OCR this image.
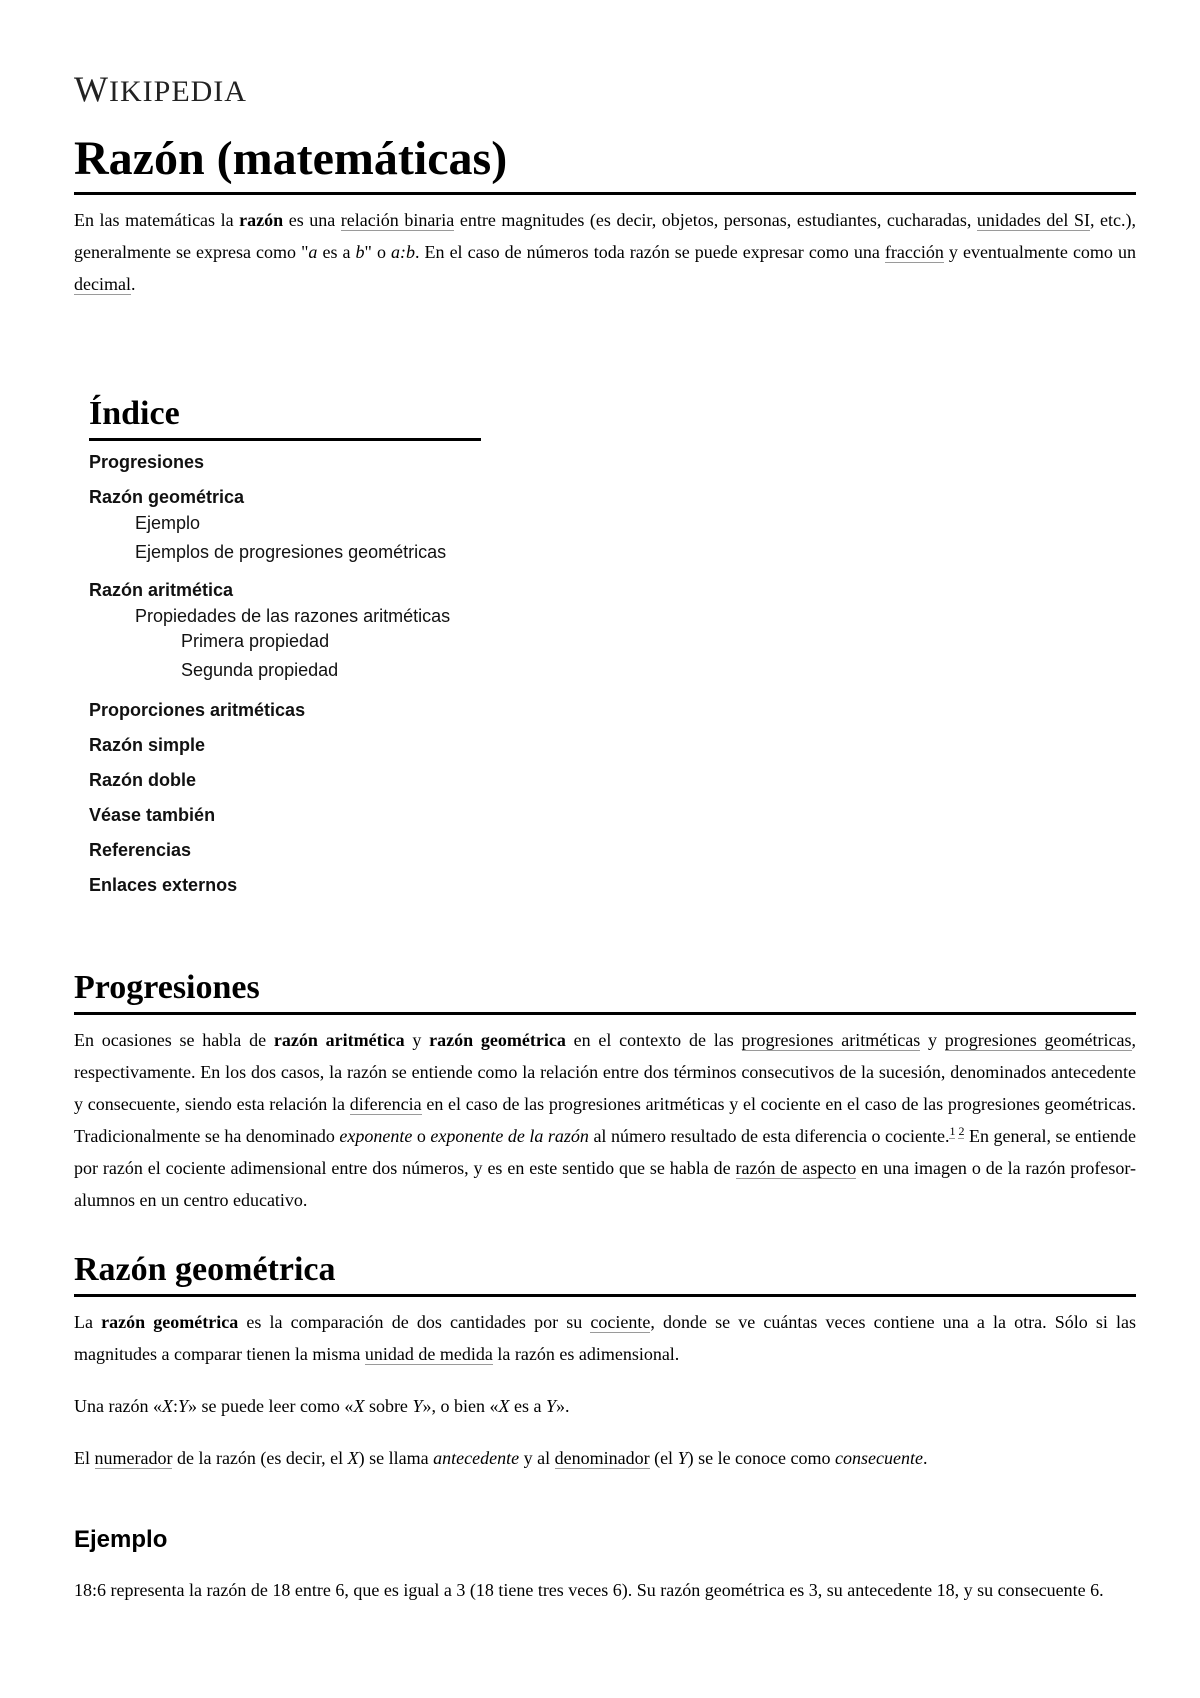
WIKIPEDIA
Razón (matemáticas)

En las matemáticas la razón es una relación binaria entre magnitudes (es decir, objetos, personas, estudiantes, cucharadas, unidades del SI, etc.), generalmente se expresa como "a es a b" o a:b. En el caso de números toda razón se puede expresar como una fracción y eventualmente como un decimal.

Índice
Progresiones
Razón geométrica
Ejemplo
Ejemplos de progresiones geométricas
Razón aritmética
Propiedades de las razones aritméticas
Primera propiedad
Segunda propiedad
Proporciones aritméticas
Razón simple
Razón doble
Véase también
Referencias
Enlaces externos
Progresiones

En ocasiones se habla de razón aritmética y razón geométrica en el contexto de las progresiones aritméticas y progresiones geométricas, respectivamente. En los dos casos, la razón se entiende como la relación entre dos términos consecutivos de la sucesión, denominados antecedente y consecuente, siendo esta relación la diferencia en el caso de las progresiones aritméticas y el cociente en el caso de las progresiones geométricas. Tradicionalmente se ha denominado exponente o exponente de la razón al número resultado de esta diferencia o cociente.$^{1 2}$ En general, se entiende por razón el cociente adimensional entre dos números, y es en este sentido que se habla de razón de aspecto en una imagen o de la razón profesor-alumnos en un centro educativo.

Razón geométrica

La razón geométrica es la comparación de dos cantidades por su cociente, donde se ve cuántas veces contiene una a la otra. Sólo si las magnitudes a comparar tienen la misma unidad de medida la razón es adimensional.

Una razón «X:Y» se puede leer como «X sobre Y», o bien «X es a Y».

El numerador de la razón (es decir, el X) se llama antecedente y al denominador (el Y) se le conoce como consecuente.

Ejemplo

18:6 representa la razón de 18 entre 6, que es igual a 3 (18 tiene tres veces 6). Su razón geométrica es 3, su antecedente 18, y su consecuente 6.
